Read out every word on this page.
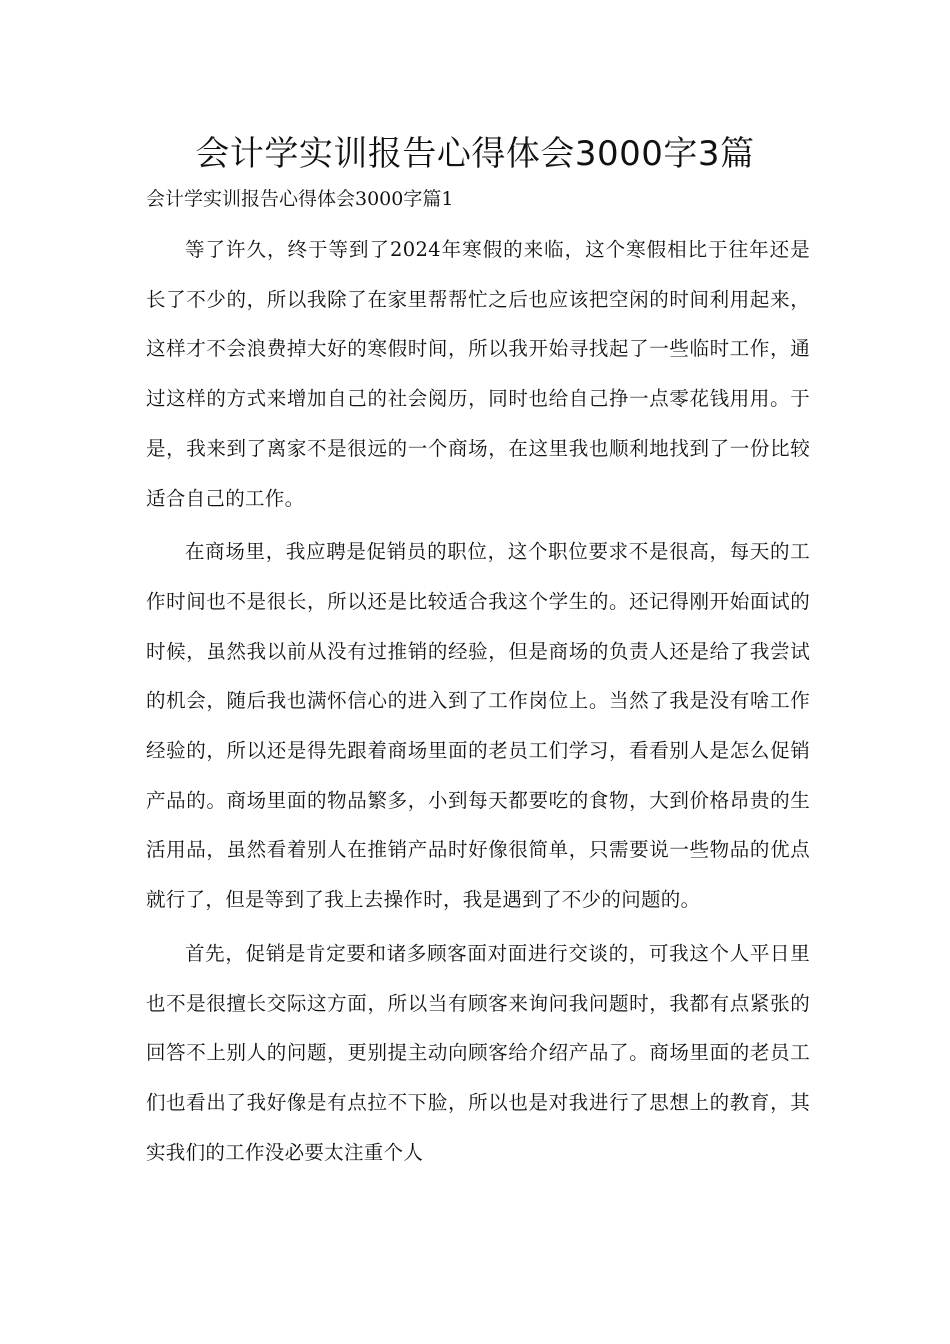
会计学实训报告心得体会3000字3篇

会计学实训报告心得体会3000字篇1

等了许久，终于等到了2024年寒假的来临，这个寒假相比于往年还是长了不少的，所以我除了在家里帮帮忙之后也应该把空闲的时间利用起来，这样才不会浪费掉大好的寒假时间，所以我开始寻找起了一些临时工作，通过这样的方式来增加自己的社会阅历，同时也给自己挣一点零花钱用用。于是，我来到了离家不是很远的一个商场，在这里我也顺利地找到了一份比较适合自己的工作。

在商场里，我应聘是促销员的职位，这个职位要求不是很高，每天的工作时间也不是很长，所以还是比较适合我这个学生的。还记得刚开始面试的时候，虽然我以前从没有过推销的经验，但是商场的负责人还是给了我尝试的机会，随后我也满怀信心的进入到了工作岗位上。当然了我是没有啥工作经验的，所以还是得先跟着商场里面的老员工们学习，看看别人是怎么促销产品的。商场里面的物品繁多，小到每天都要吃的食物，大到价格昂贵的生活用品，虽然看着别人在推销产品时好像很简单，只需要说一些物品的优点就行了，但是等到了我上去操作时，我是遇到了不少的问题的。

首先，促销是肯定要和诸多顾客面对面进行交谈的，可我这个人平日里也不是很擅长交际这方面，所以当有顾客来询问我问题时，我都有点紧张的回答不上别人的问题，更别提主动向顾客给介绍产品了。商场里面的老员工们也看出了我好像是有点拉不下脸，所以也是对我进行了思想上的教育，其实我们的工作没必要太注重个人
